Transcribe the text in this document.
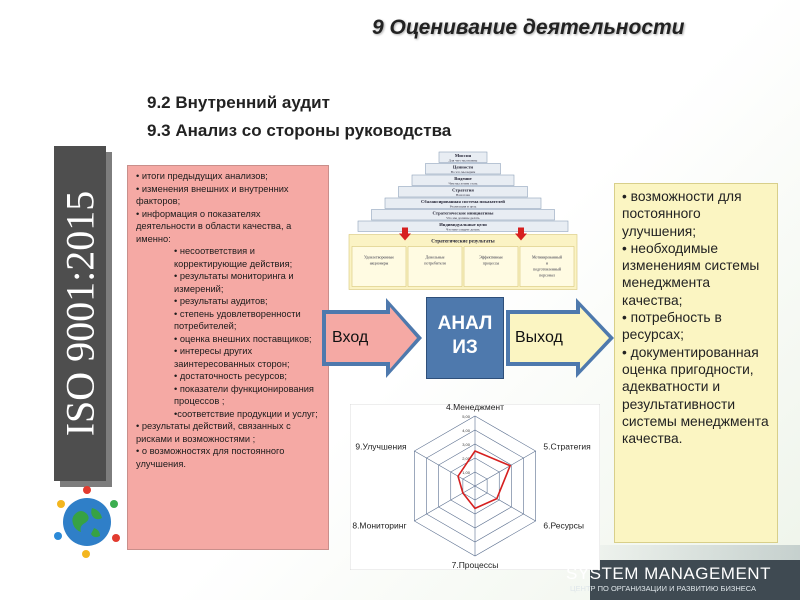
9 Оценивание деятельности
9.2 Внутренний аудит
9.3 Анализ со стороны руководства
ISO 9001:2015
• итоги предыдущих анализов;
• изменения внешних и внутренних факторов;
• информация о показателях деятельности в области качества, а именно:
• несоответствия и корректирующие действия;
• результаты мониторинга и измерений;
• результаты аудитов;
• степень удовлетворенности потребителей;
• оценка внешних поставщиков;
• интересы других заинтересованных сторон;
• достаточность ресурсов;
• показатели функционирования процессов ;
•соответствие продукции и услуг;
• результаты действий, связанных с рисками и возможностями ;
• о возможностях для постоянного улучшения.
Вход
АНАЛ
ИЗ	Выход
• возможности для постоянного улучшения;
• необходимые изменениям системы менеджмента качества;
• потребность в ресурсах;
• документированная оценка пригодности, адекватности и результативности системы менеджмента качества.
Миссия
Для чего мы нужны
Ценности
Во что мы верим
Видение
Чем мы хотим стать
Стратегия
Наш план
Сбалансированная система показателей
Реализация и цель
Стратегические инициативы
Что мы должны делать
Индивидуальные цели
Что мне следует делать
Стратегические результаты
Удовлетворенные
акционеры
Довольные
потребители
Эффективные
процессы
Мотивированный
и
подготовленный
персонал
1,00
2,00
3,00
4,00
5,00
4.Менеджмент
5.Стратегия
6.Ресурсы
7.Процессы
8.Мониторинг
9.Улучшения
SYSTEM MANAGEMENT
ЦЕНТР ПО ОРГАНИЗАЦИИ И РАЗВИТИЮ БИЗНЕСА
